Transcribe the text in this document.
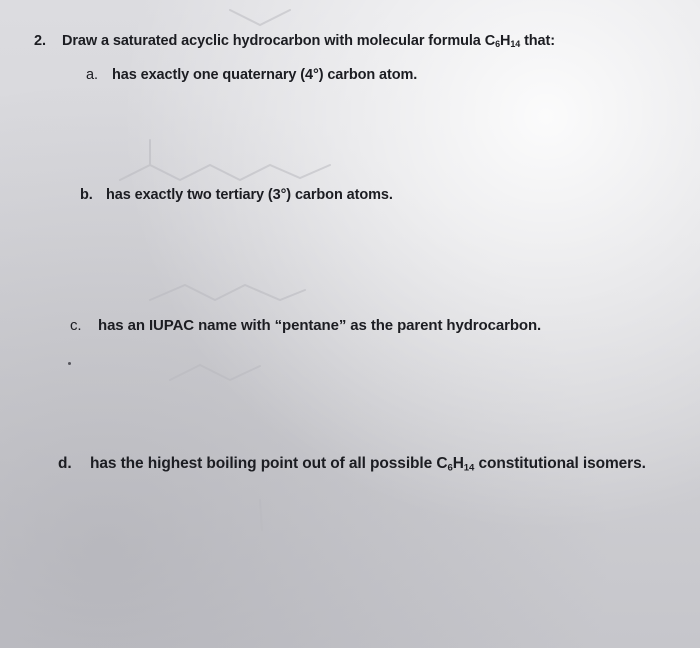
2. Draw a saturated acyclic hydrocarbon with molecular formula $C_6H_{14}$ that:
a. has exactly one quaternary (4°) carbon atom.
b. has exactly two tertiary (3°) carbon atoms.
c. has an IUPAC name with “pentane” as the parent hydrocarbon.
d. has the highest boiling point out of all possible $C_6H_{14}$ constitutional isomers.
